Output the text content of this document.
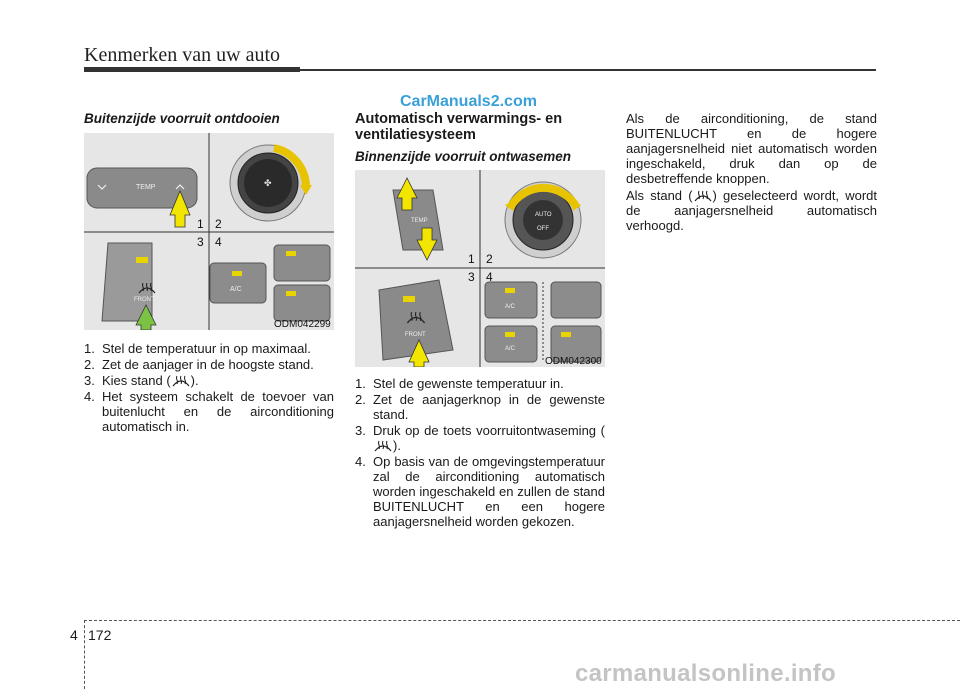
Kenmerken van uw auto
CarManuals2.com

Buitenzijde voorruit ontdooien

TEMP	✤
FRONT
A/C
1 2
3 4
ODM042299
1. Stel de temperatuur in op maximaal.
2. Zet de aanjager in de hoogste stand.
3. Kies stand ( ).
4. Het systeem schakelt de toevoer van buitenlucht en de airconditioning automatisch in.

Automatisch verwarmings- en ventilatiesysteem

Binnenzijde voorruit ontwasemen

TEMP
AUTO
OFF
FRONT
A/C
A/C
1 2
3 4
ODM042300
1. Stel de gewenste temperatuur in.
2. Zet de aanjagerknop in de gewenste stand.
3. Druk op de toets voorruitontwaseming ().
4. Op basis van de omgevingstemperatuur zal de airconditioning automatisch worden ingeschakeld en zullen de stand BUITENLUCHT en een hogere aanjagersnelheid worden gekozen.

Als de airconditioning, de stand BUITENLUCHT en de hogere aanjagersnelheid niet automatisch worden ingeschakeld, druk dan op de desbetreffende knoppen.

Als stand ( ) geselecteerd wordt, wordt de aanjagersnelheid automatisch verhoogd.

4 172
carmanualsonline.info
